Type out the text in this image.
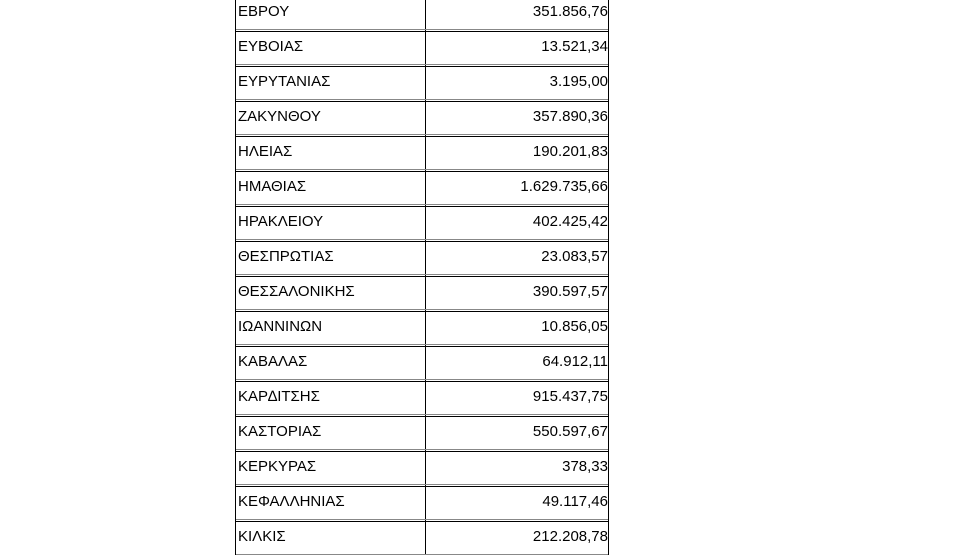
ΕΒΡΟΥ	351.856,76
ΕΥΒΟΙΑΣ	13.521,34
ΕΥΡΥΤΑΝΙΑΣ	3.195,00
ΖΑΚΥΝΘΟΥ	357.890,36
ΗΛΕΙΑΣ	190.201,83
ΗΜΑΘΙΑΣ	1.629.735,66
ΗΡΑΚΛΕΙΟΥ	402.425,42
ΘΕΣΠΡΩΤΙΑΣ	23.083,57
ΘΕΣΣΑΛΟΝΙΚΗΣ	390.597,57
ΙΩΑΝΝΙΝΩΝ	10.856,05
ΚΑΒΑΛΑΣ	64.912,11
ΚΑΡ∆ΙΤΣΗΣ	915.437,75
ΚΑΣΤΟΡΙΑΣ	550.597,67
ΚΕΡΚΥΡΑΣ	378,33
ΚΕΦΑΛΛΗΝΙΑΣ	49.117,46
ΚΙΛΚΙΣ	212.208,78
